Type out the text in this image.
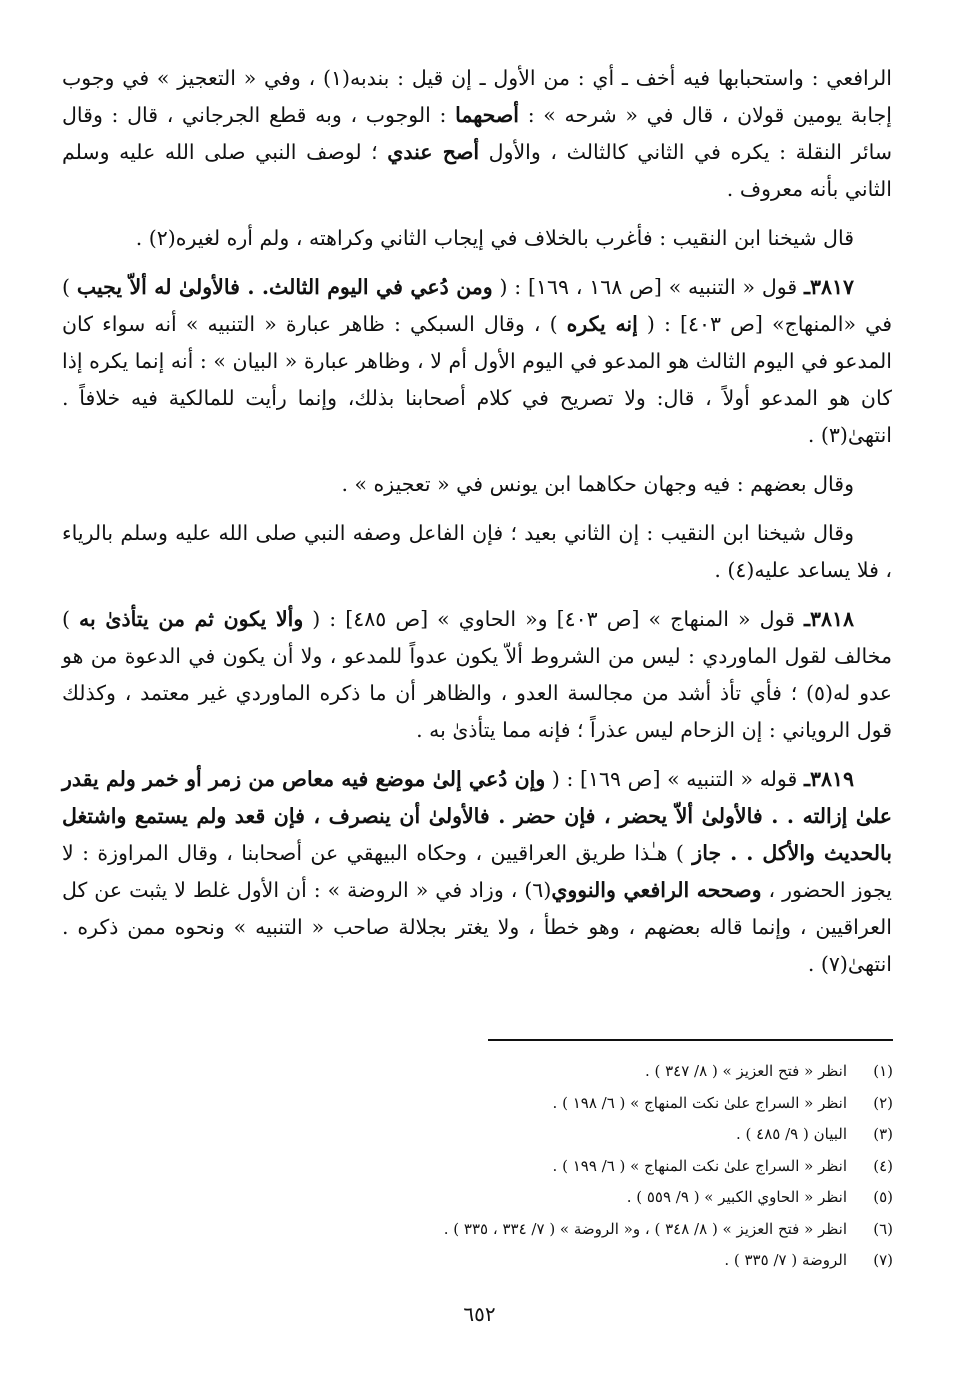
الرافعي : واستحبابها فيه أخف ـ أي : من الأول ـ إن قيل : بندبه(١) ، وفي « التعجيز » في وجوب إجابة يومين قولان ، قال في « شرحه » : أصحهما : الوجوب ، وبه قطع الجرجاني ، قال : وقال سائر النقلة : يكره في الثاني كالثالث ، والأول أصح عندي ؛ لوصف النبي صلى الله عليه وسلم الثاني بأنه معروف .

قال شيخنا ابن النقيب : فأغرب بالخلاف في إيجاب الثاني وكراهته ، ولم أره لغيره(٢) .

٣٨١٧ـ قول « التنبيه » [ص ١٦٨ ، ١٦٩] : ( ومن دُعي في اليوم الثالث. . فالأولىٰ له ألاّ يجيب ) في «المنهاج» [ص ٤٠٣] : ( إنه يكره ) ، وقال السبكي : ظاهر عبارة « التنبيه » أنه سواء كان المدعو في اليوم الثالث هو المدعو في اليوم الأول أم لا ، وظاهر عبارة « البيان » : أنه إنما يكره إذا كان هو المدعو أولاً ، قال: ولا تصريح في كلام أصحابنا بذلك، وإنما رأيت للمالكية فيه خلافاً . انتهىٰ(٣) .

وقال بعضهم : فيه وجهان حكاهما ابن يونس في « تعجيزه » .

وقال شيخنا ابن النقيب : إن الثاني بعيد ؛ فإن الفاعل وصفه النبي صلى الله عليه وسلم بالرياء ، فلا يساعد عليه(٤) .

٣٨١٨ـ قول « المنهاج » [ص ٤٠٣] و« الحاوي » [ص ٤٨٥] : ( وألا يكون ثم من يتأذىٰ به ) مخالف لقول الماوردي : ليس من الشروط ألاّ يكون عدواً للمدعو ، ولا أن يكون في الدعوة من هو عدو له(٥) ؛ فأي تأذ أشد من مجالسة العدو ، والظاهر أن ما ذكره الماوردي غير معتمد ، وكذلك قول الروياني : إن الزحام ليس عذراً ؛ فإنه مما يتأذىٰ به .

٣٨١٩ـ قوله « التنبيه » [ص ١٦٩] : ( وإن دُعي إلىٰ موضع فيه معاص من زمر أو خمر ولم يقدر علىٰ إزالته . . فالأولىٰ ألاّ يحضر ، فإن حضر . فالأولىٰ أن ينصرف ، فإن قعد ولم يستمع واشتغل بالحديث والأكل . . جاز ) هـٰذا طريق العراقيين ، وحكاه البيهقي عن أصحابنا ، وقال المراوزة : لا يجوز الحضور ، وصححه الرافعي والنووي(٦) ، وزاد في « الروضة » : أن الأول غلط لا يثبت عن كل العراقيين ، وإنما قاله بعضهم ، وهو خطأ ، ولا يغتر بجلالة صاحب « التنبيه » ونحوه ممن ذكره . انتهىٰ(٧) .

(١)انظر « فتح العزيز » ( ٨/ ٣٤٧ ) .
(٢)انظر « السراج علىٰ نكت المنهاج » ( ٦/ ١٩٨ ) .
(٣)البيان ( ٩/ ٤٨٥ ) .
(٤)انظر « السراج علىٰ نكت المنهاج » ( ٦/ ١٩٩ ) .
(٥)انظر « الحاوي الكبير » ( ٩/ ٥٥٩ ) .
(٦)انظر « فتح العزيز » ( ٨/ ٣٤٨ ) ، و« الروضة » ( ٧/ ٣٣٤ ، ٣٣٥ ) .
(٧)الروضة ( ٧/ ٣٣٥ ) .
٦٥٢
